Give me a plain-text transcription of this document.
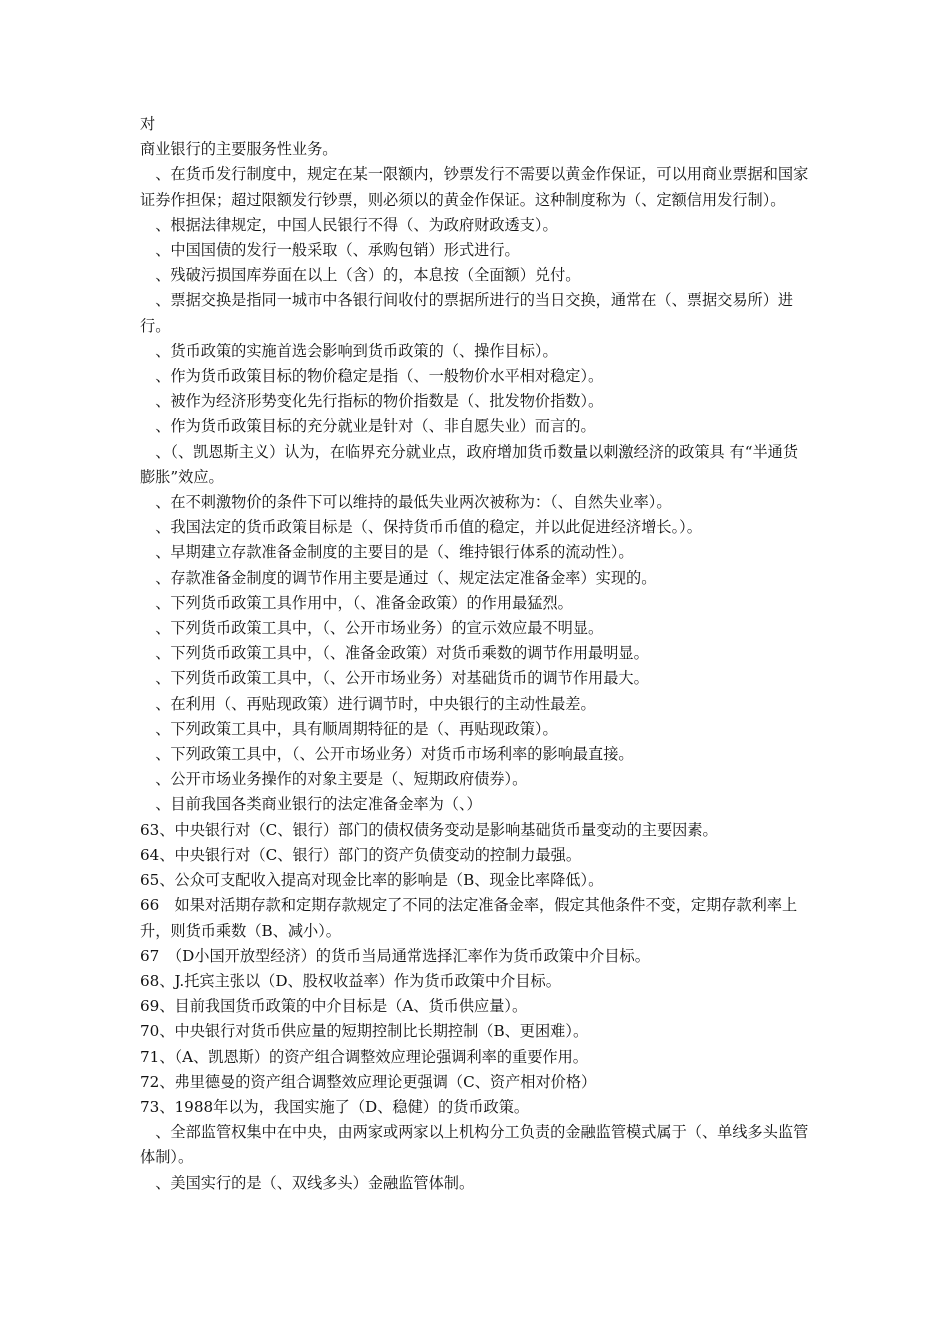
对

商业银行的主要服务性业务。

　、在货币发行制度中，规定在某一限额内，钞票发行不需要以黄金作保证，可以用商业票据和国家证券作担保；超过限额发行钞票，则必须以的黄金作保证。这种制度称为（、定额信用发行制）。

　、根据法律规定，中国人民银行不得（、为政府财政透支）。

　、中国国债的发行一般采取（、承购包销）形式进行。

　、残破污损国库券面在以上（含）的，本息按（全面额）兑付。

　、票据交换是指同一城市中各银行间收付的票据所进行的当日交换，通常在（、票据交易所）进行。

　、货币政策的实施首选会影响到货币政策的（、操作目标）。

　、作为货币政策目标的物价稳定是指（、一般物价水平相对稳定）。

　、被作为经济形势变化先行指标的物价指数是（、批发物价指数）。

　、作为货币政策目标的充分就业是针对（、非自愿失业）而言的。

　、（、凯恩斯主义）认为，在临界充分就业点，政府增加货币数量以刺激经济的政策具 有“半通货膨胀”效应。

　、在不刺激物价的条件下可以维持的最低失业两次被称为：（、自然失业率）。

　、我国法定的货币政策目标是（、保持货币币值的稳定，并以此促进经济增长。）。

　、早期建立存款准备金制度的主要目的是（、维持银行体系的流动性）。

　、存款准备金制度的调节作用主要是通过（、规定法定准备金率）实现的。

　、下列货币政策工具作用中，（、准备金政策）的作用最猛烈。

　、下列货币政策工具中，（、公开市场业务）的宣示效应最不明显。

　、下列货币政策工具中，（、准备金政策）对货币乘数的调节作用最明显。

　、下列货币政策工具中，（、公开市场业务）对基础货币的调节作用最大。

　、在利用（、再贴现政策）进行调节时，中央银行的主动性最差。

　、下列政策工具中，具有顺周期特征的是（、再贴现政策）。

　、下列政策工具中，（、公开市场业务）对货币市场利率的影响最直接。

　、公开市场业务操作的对象主要是（、短期政府债券）。

　、目前我国各类商业银行的法定准备金率为（、）

63、中央银行对（C、银行）部门的债权债务变动是影响基础货币量变动的主要因素。

64、中央银行对（C、银行）部门的资产负债变动的控制力最强。

65、公众可支配收入提高对现金比率的影响是（B、现金比率降低）。

66　如果对活期存款和定期存款规定了不同的法定准备金率，假定其他条件不变，定期存款利率上升，则货币乘数（B、减小）。

67　（D小国开放型经济）的货币当局通常选择汇率作为货币政策中介目标。

68、J.托宾主张以（D、股权收益率）作为货币政策中介目标。

69、目前我国货币政策的中介目标是（A、货币供应量）。

70、中央银行对货币供应量的短期控制比长期控制（B、更困难）。

71、（A、凯恩斯）的资产组合调整效应理论强调利率的重要作用。

72、弗里德曼的资产组合调整效应理论更强调（C、资产相对价格）

73、1988年以为，我国实施了（D、稳健）的货币政策。

　、全部监管权集中在中央，由两家或两家以上机构分工负责的金融监管模式属于（、单线多头监管体制）。

　、美国实行的是（、双线多头）金融监管体制。
